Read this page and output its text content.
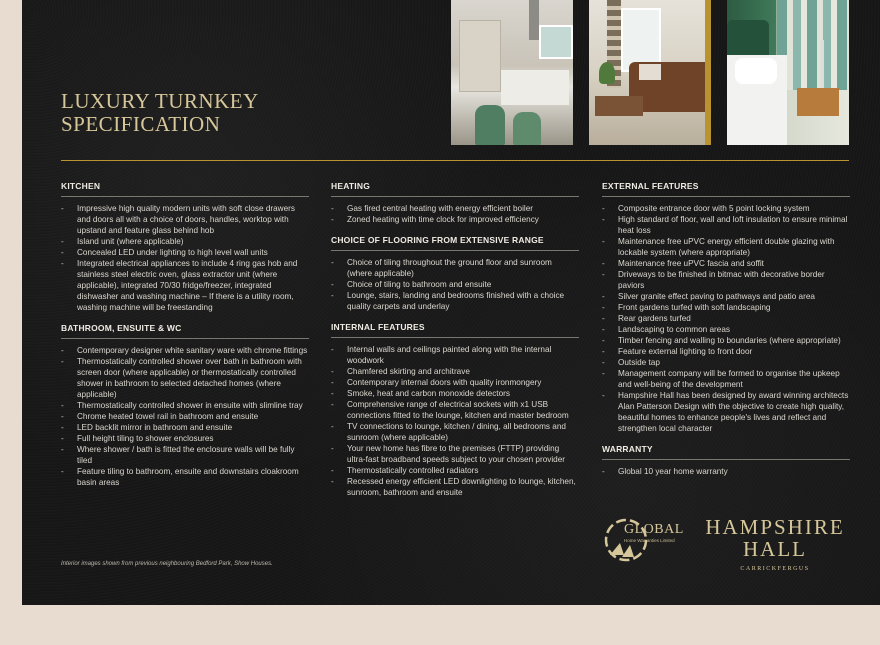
LUXURY TURNKEY
SPECIFICATION
KITCHEN
- Impressive high quality modern units with soft close drawers and doors all with a choice of doors, handles, worktop with upstand and feature glass behind hob
- Island unit (where applicable)
- Concealed LED under lighting to high level wall units
- Integrated electrical appliances to include 4 ring gas hob and stainless steel electric oven, glass extractor unit (where applicable), integrated 70/30 fridge/freezer, integrated dishwasher and washing machine – If there is a utility room, washing machine will be freestanding
BATHROOM, ENSUITE & WC
- Contemporary designer white sanitary ware with chrome fittings
- Thermostatically controlled shower over bath in bathroom with screen door (where applicable) or thermostatically controlled shower in bathroom to selected detached homes (where applicable)
- Thermostatically controlled shower in ensuite with slimline tray
- Chrome heated towel rail in bathroom and ensuite
- LED backlit mirror in bathroom and ensuite
- Full height tiling to shower enclosures
- Where shower / bath is fitted the enclosure walls will be fully tiled
- Feature tiling to bathroom, ensuite and downstairs cloakroom basin areas
HEATING
- Gas fired central heating with energy efficient boiler
- Zoned heating with time clock for improved efficiency
CHOICE OF FLOORING FROM EXTENSIVE RANGE
- Choice of tiling throughout the ground floor and sunroom (where applicable)
- Choice of tiling to bathroom and ensuite
- Lounge, stairs, landing and bedrooms finished with a choice quality carpets and underlay
INTERNAL FEATURES
- Internal walls and ceilings painted along with the internal woodwork
- Chamfered skirting and architrave
- Contemporary internal doors with quality ironmongery
- Smoke, heat and carbon monoxide detectors
- Comprehensive range of electrical sockets with x1 USB connections fitted to the lounge, kitchen and master bedroom
- TV connections to lounge, kitchen / dining, all bedrooms and sunroom (where applicable)
- Your new home has fibre to the premises (FTTP) providing ultra-fast broadband speeds subject to your chosen provider
- Thermostatically controlled radiators
- Recessed energy efficient LED downlighting to lounge, kitchen, sunroom, bathroom and ensuite
EXTERNAL FEATURES
- Composite entrance door with 5 point locking system
- High standard of floor, wall and loft insulation to ensure minimal heat loss
- Maintenance free uPVC energy efficient double glazing with lockable system (where appropriate)
- Maintenance free uPVC fascia and soffit
- Driveways to be finished in bitmac with decorative border paviors
- Silver granite effect paving to pathways and patio area
- Front gardens turfed with soft landscaping
- Rear gardens turfed
- Landscaping to common areas
- Timber fencing and walling to boundaries (where appropriate)
- Feature external lighting to front door
- Outside tap
- Management company will be formed to organise the upkeep and well-being of the development
- Hampshire Hall has been designed by award winning architects Alan Patterson Design with the objective to create high quality, beautiful homes to enhance people's lives and reflect and strengthen local character
WARRANTY
- Global 10 year home warranty
Interior images shown from previous neighbouring Bedford Park, Show Houses.
GLOBAL
Home Warranties Limited
HAMPSHIRE
HALL
CARRICKFERGUS
